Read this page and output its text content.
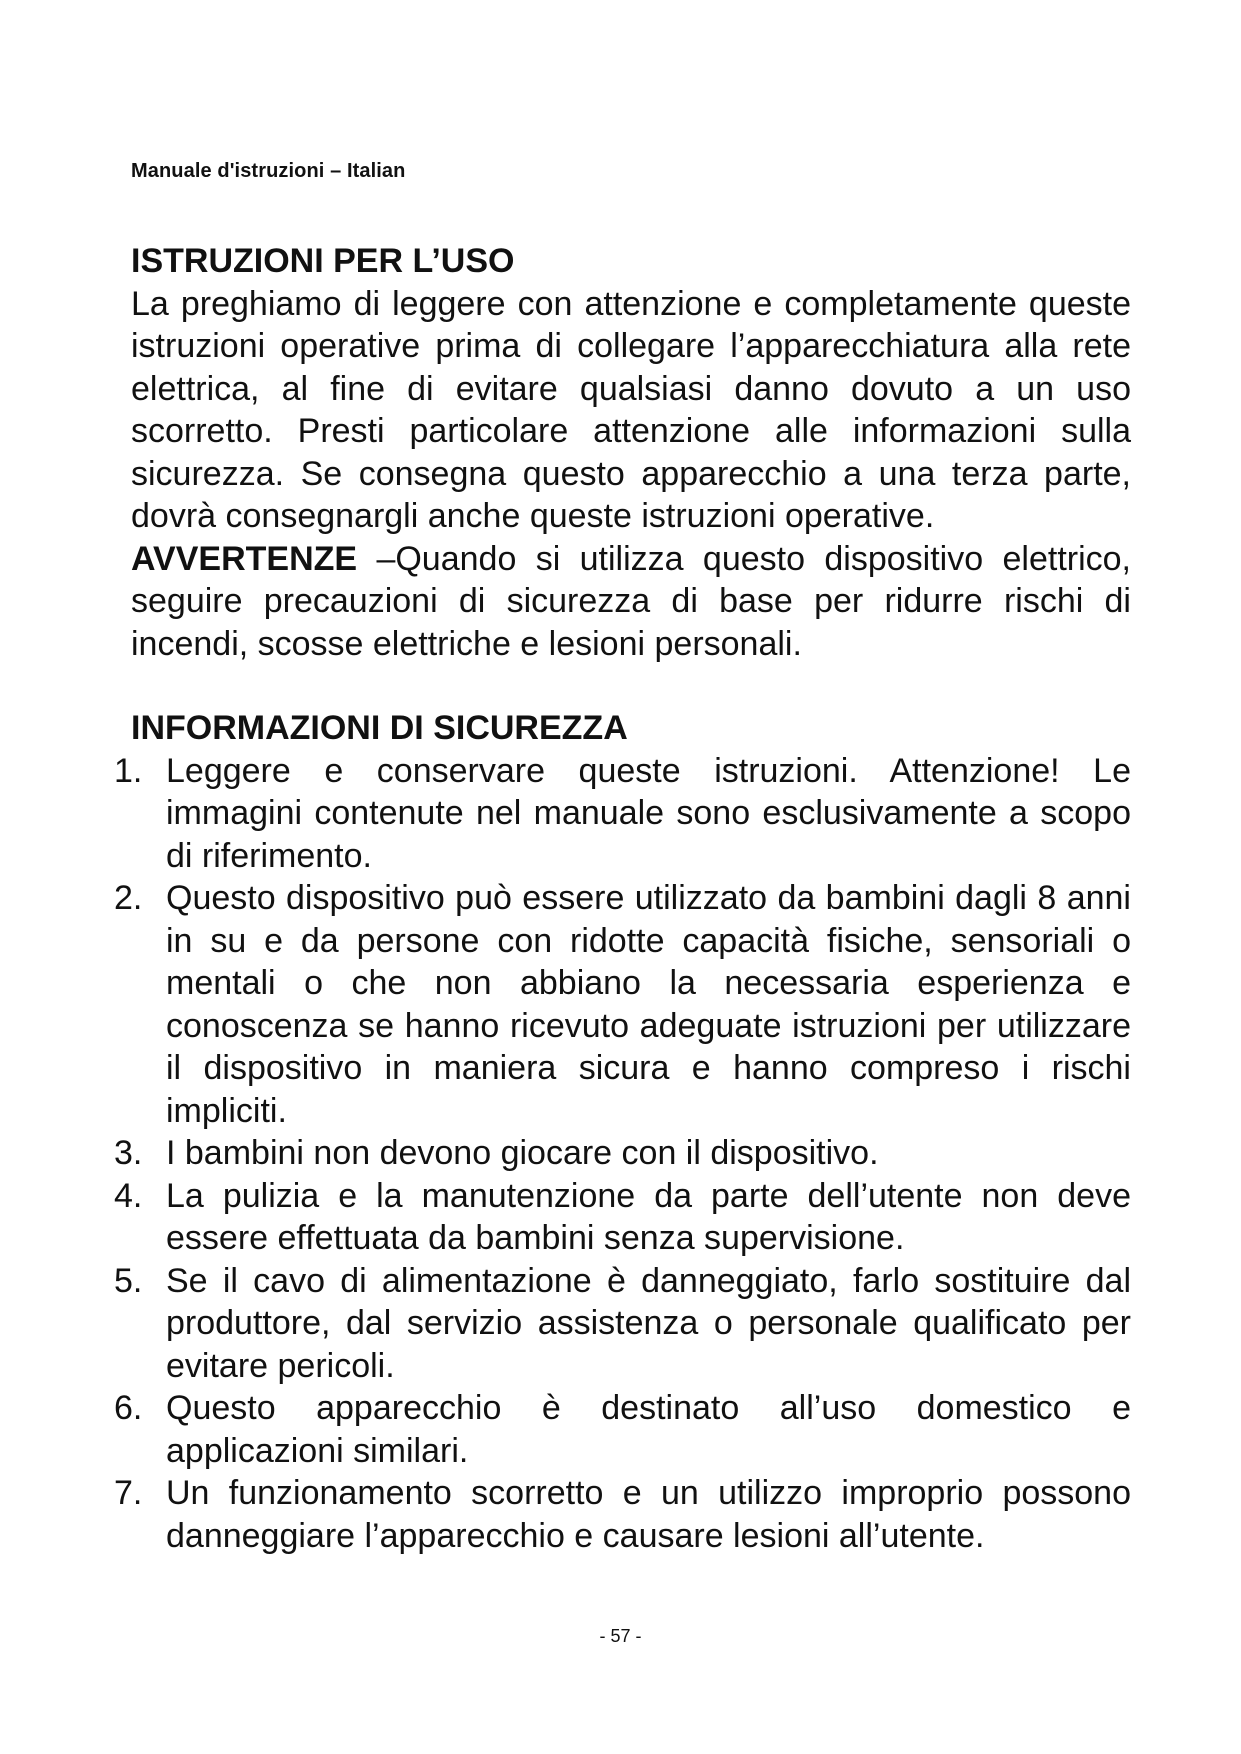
Manuale d'istruzioni – Italian
ISTRUZIONI PER L’USO

La preghiamo di leggere con attenzione e completamente queste istruzioni operative prima di collegare l’apparecchiatura alla rete elettrica, al fine di evitare qualsiasi danno dovuto a un uso scorretto. Presti particolare attenzione alle informazioni sulla sicurezza. Se consegna questo apparecchio a una terza parte, dovrà consegnargli anche queste istruzioni operative.

AVVERTENZE –Quando si utilizza questo dispositivo elettrico, seguire precauzioni di sicurezza di base per ridurre rischi di incendi, scosse elettriche e lesioni personali.

INFORMAZIONI DI SICUREZZA
1. Leggere e conservare queste istruzioni. Attenzione! Le immagini contenute nel manuale sono esclusivamente a scopo di riferimento.
2. Questo dispositivo può essere utilizzato da bambini dagli 8 anni in su e da persone con ridotte capacità fisiche, sensoriali o mentali o che non abbiano la necessaria esperienza e conoscenza se hanno ricevuto adeguate istruzioni per utilizzare il dispositivo in maniera sicura e hanno compreso i rischi impliciti.
3. I bambini non devono giocare con il dispositivo.
4. La pulizia e la manutenzione da parte dell’utente non deve essere effettuata da bambini senza supervisione.
5. Se il cavo di alimentazione è danneggiato, farlo sostituire dal produttore, dal servizio assistenza o personale qualificato per evitare pericoli.
6. Questo apparecchio è destinato all’uso domestico e applicazioni similari.
7. Un funzionamento scorretto e un utilizzo improprio possono danneggiare l’apparecchio e causare lesioni all’utente.
- 57 -
